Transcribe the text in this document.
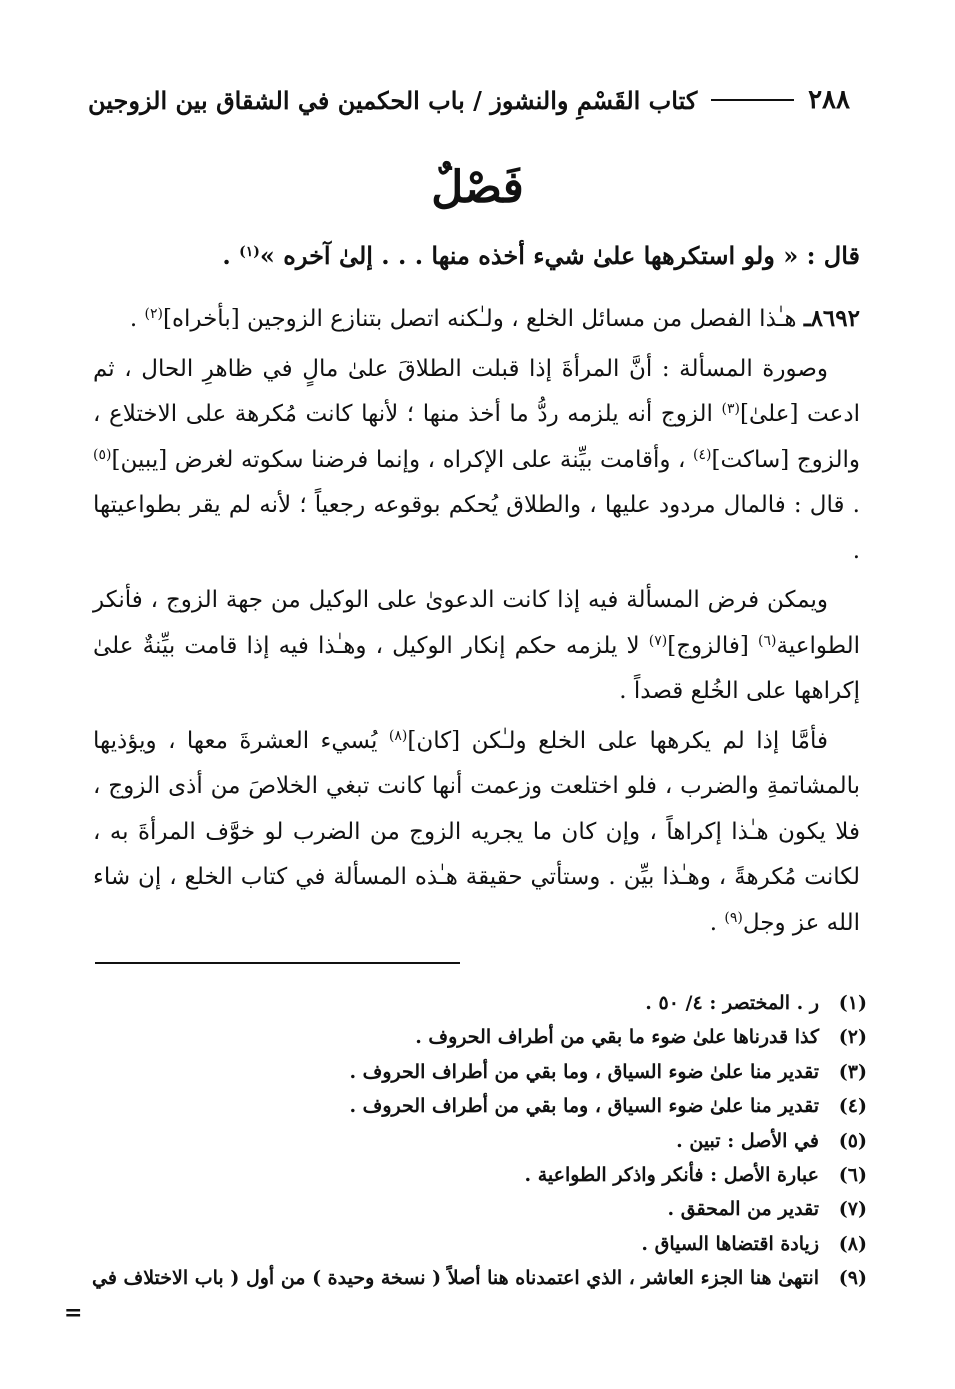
٢٨٨
كتاب القَسْمِ والنشوز / باب الحكمين في الشقاق بين الزوجين
فَصْلٌ
قال : « ولو استكرهها علىٰ شيء أخذه منها . . . إلىٰ آخره »$^{(١)}$ .

٨٦٩٢ـ هـٰذا الفصل من مسائل الخلع ، ولـٰكنه اتصل بتنازع الزوجين [بأخراه]$^{(٢)}$ .

وصورة المسألة : أنَّ المرأةَ إذا قبلت الطلاقَ علىٰ مالٍ في ظاهرِ الحال ، ثم ادعت [علىٰ]$^{(٣)}$ الزوج أنه يلزمه ردُّ ما أخذ منها ؛ لأنها كانت مُكرهة على الاختلاع ، والزوج [ساكت]$^{(٤)}$ ، وأقامت بيِّنة على الإكراه ، وإنما فرضنا سكوته لغرض [يبين]$^{(٥)}$ . قال : فالمال مردود عليها ، والطلاق يُحكم بوقوعه رجعياً ؛ لأنه لم يقر بطواعيتها .

ويمكن فرض المسألة فيه إذا كانت الدعوىٰ على الوكيل من جهة الزوج ، فأنكر الطواعية$^{(٦)}$ [فالزوج]$^{(٧)}$ لا يلزمه حكم إنكار الوكيل ، وهـٰذا فيه إذا قامت بيِّنةٌ علىٰ إكراهها على الخُلع قصداً .

فأمَّا إذا لم يكرهها على الخلع ولـٰكن [كان]$^{(٨)}$ يُسيء العشرةَ معها ، ويؤذيها بالمشاتمةِ والضرب ، فلو اختلعت وزعمت أنها كانت تبغي الخلاصَ من أذى الزوج ، فلا يكون هـٰذا إكراهاً ، وإن كان ما يجريه الزوج من الضرب لو خوَّف المرأةَ به ، لكانت مُكرهةً ، وهـٰذا بيِّن . وستأتي حقيقة هـٰذه المسألة في كتاب الخلع ، إن شاء الله عز وجل$^{(٩)}$ .

(١)
ر . المختصر : ٤/ ٥٠ .
(٢)
كذا قدرناها علىٰ ضوء ما بقي من أطراف الحروف .
(٣)
تقدير منا علىٰ ضوء السياق ، وما بقي من أطراف الحروف .
(٤)
تقدير منا علىٰ ضوء السياق ، وما بقي من أطراف الحروف .
(٥)
في الأصل : تبين .
(٦)
عبارة الأصل : فأنكر واذكر الطواعية .
(٧)
تقدير من المحقق .
(٨)
زيادة اقتضاها السياق .
(٩)
انتهىٰ هنا الجزء العاشر ، الذي اعتمدناه هنا أصلاً ( نسخة وحيدة ) من أول ( باب الاختلاف في
=
